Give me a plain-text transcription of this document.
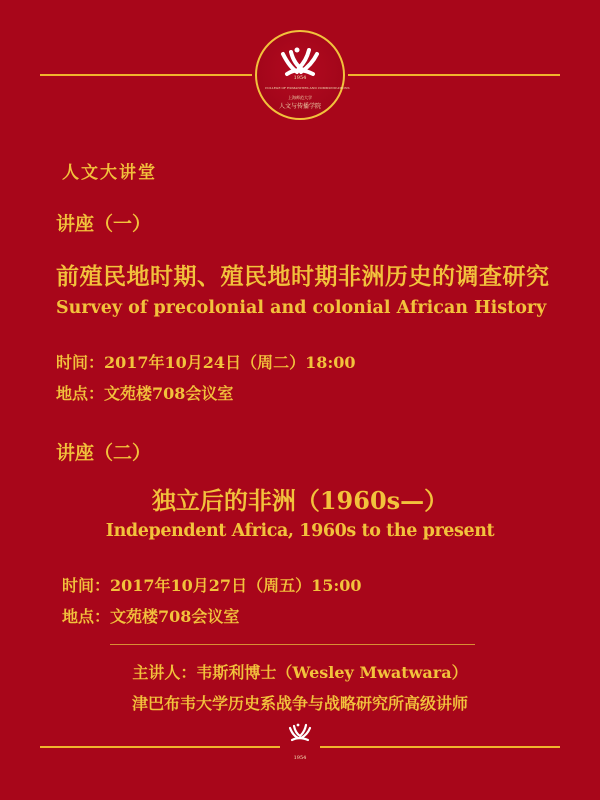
1954
COLLEGE OF HUMANITIES AND COMMUNICATIONS
上海师范大学
人文与传播学院
人文大讲堂
讲座（一）
前殖民地时期、殖民地时期非洲历史的调查研究
Survey of precolonial and colonial African History
时间：2017年10月24日（周二）18:00
地点：文苑楼708会议室
讲座（二）
独立后的非洲（1960s—）
Independent Africa, 1960s to the present
时间：2017年10月27日（周五）15:00
地点：文苑楼708会议室
主讲人：韦斯利博士（Wesley Mwatwara）
津巴布韦大学历史系战争与战略研究所高级讲师
1954
